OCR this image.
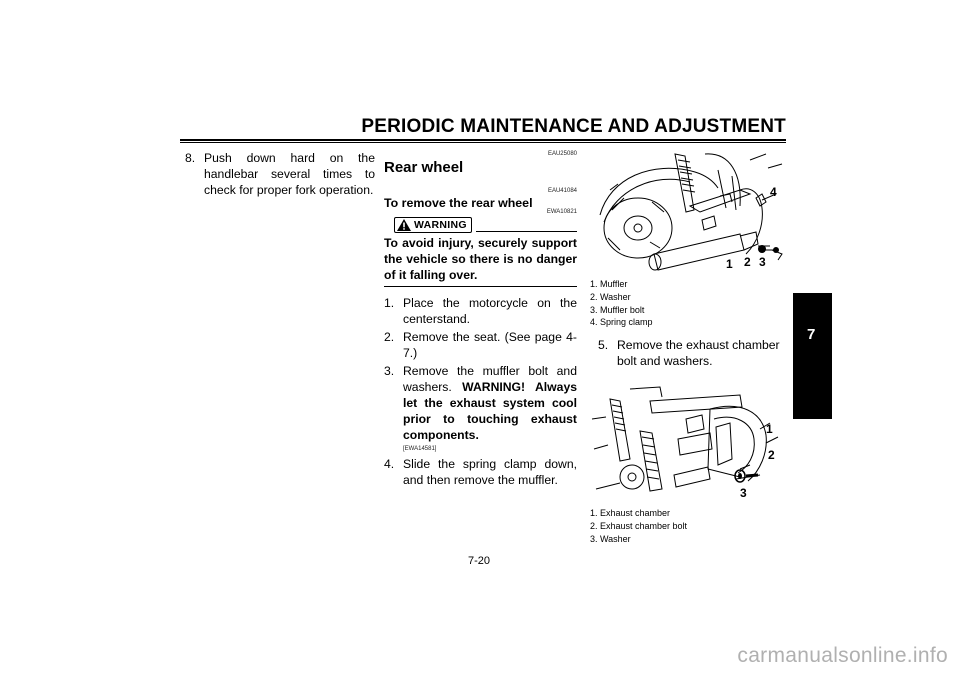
PERIODIC MAINTENANCE AND ADJUSTMENT
8. Push down hard on the handlebar several times to check for proper fork operation.
EAU25080
Rear wheel
EAU41084
To remove the rear wheel
WARNING
EWA10821
To avoid injury, securely support the vehicle so there is no danger of it falling over.
1. Place the motorcycle on the centerstand.
2. Remove the seat. (See page 4-7.)
3. Remove the muffler bolt and washers. WARNING! Always let the exhaust system cool prior to touching exhaust components.
[EWA14581]
4. Slide the spring clamp down, and then remove the muffler.
1 2 3
4
1. Muffler
2. Washer
3. Muffler bolt
4. Spring clamp
5. Remove the exhaust chamber bolt and washers.
1
2
3
1. Exhaust chamber
2. Exhaust chamber bolt
3. Washer
7-20
7
carmanualsonline.info
